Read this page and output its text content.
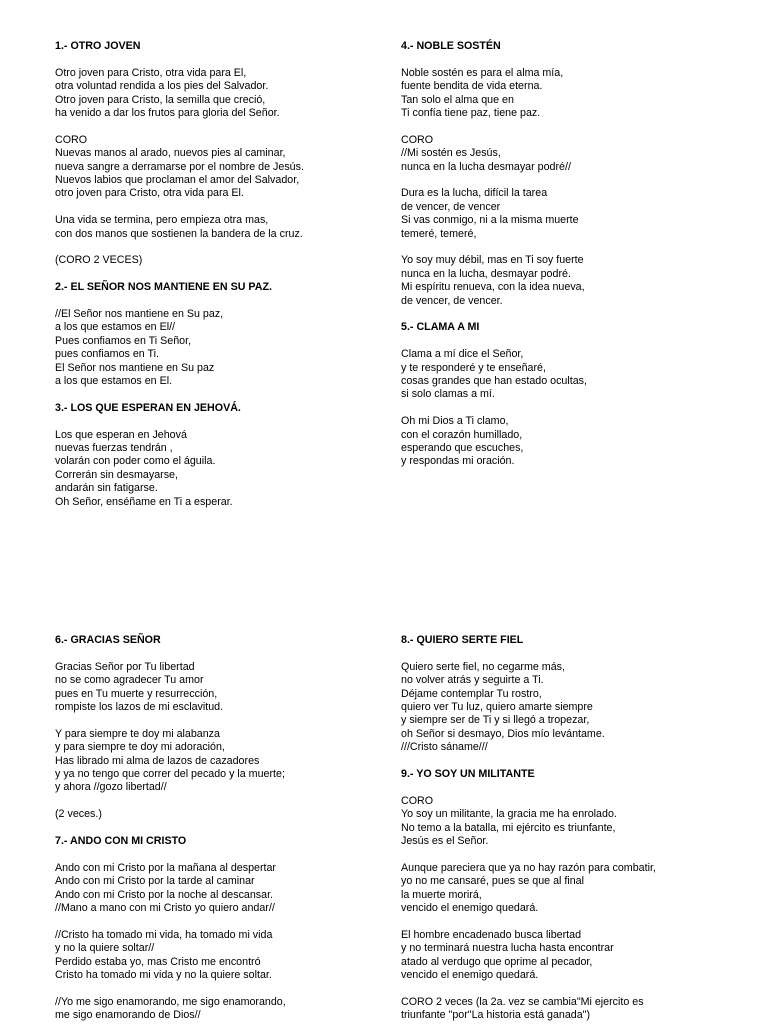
1.- OTRO JOVEN
Otro joven para Cristo, otra vida para El,
otra voluntad rendida a los pies del Salvador.
Otro joven para Cristo, la semilla que creció,
ha venido a dar los frutos para gloria del Señor.
CORO
Nuevas manos al arado, nuevos pies al caminar,
nueva sangre a derramarse por el nombre de Jesús.
Nuevos labios que proclaman el amor del Salvador,
otro joven para Cristo, otra vida para El.
Una vida se termina, pero empieza otra mas,
con dos manos que sostienen la bandera de la cruz.
(CORO 2 VECES)
2.- EL SEÑOR NOS MANTIENE EN SU PAZ.
//El Señor nos mantiene en Su paz,
a los que estamos en El//
Pues confiamos en Ti Señor,
pues confiamos en Ti.
El Señor nos mantiene en Su paz
a los que estamos en El.
3.- LOS QUE ESPERAN EN JEHOVÁ.
Los que esperan en Jehová
nuevas fuerzas tendrán ,
volarán con poder como el águila.
Correrán sin desmayarse,
andarán sin fatigarse.
Oh Señor, enséñame en Ti a esperar.
4.- NOBLE SOSTÉN
Noble sostén es para el alma mía,
fuente bendita de vida eterna.
Tan solo el alma que en
Ti confía tiene paz, tiene paz.
CORO
//Mi sostén es Jesús,
nunca en la lucha desmayar podré//
Dura es la lucha, difícil la tarea
de vencer, de vencer
Si vas conmigo, ni a la misma muerte
temeré, temeré,
Yo soy muy débil, mas en Ti soy fuerte
nunca en la lucha, desmayar podré.
Mi espíritu renueva, con la idea nueva,
de vencer, de vencer.
5.- CLAMA A MI
Clama a mí dice el Señor,
y te responderé y te enseñaré,
cosas grandes que han estado ocultas,
si solo clamas a mí.
Oh mi Dios a Ti clamo,
con el corazón humillado,
esperando que escuches,
y respondas mi oración.
6.- GRACIAS SEÑOR
Gracias Señor por Tu libertad
no se como agradecer Tu amor
pues en Tu muerte y resurrección,
rompiste los lazos de mi esclavitud.
Y para siempre te doy mi alabanza
y para siempre te doy mi adoración,
Has librado mi alma de lazos de cazadores
y ya no tengo que correr del pecado y la muerte;
y ahora //gozo libertad//
(2 veces.)
7.- ANDO CON MI CRISTO
Ando con mi Cristo por la mañana al despertar
Ando con mi Cristo por la tarde al caminar
Ando con mi Cristo por la noche al descansar.
//Mano a mano con mi Cristo yo quiero andar//
//Cristo ha tomado mi vida, ha tomado mi vida
y no la quiere soltar//
Perdido estaba yo, mas Cristo me encontró
Cristo ha tomado mi vida y no la quiere soltar.
//Yo me sigo enamorando, me sigo enamorando,
me sigo enamorando de Dios//
8.- QUIERO SERTE FIEL
Quiero serte fiel, no cegarme más,
no volver atrás y seguirte a Ti.
Déjame contemplar Tu rostro,
quiero ver Tu luz, quiero amarte siempre
y siempre ser de Ti y si llegó a tropezar,
oh Señor si desmayo, Dios mío levántame.
///Cristo sáname///
9.- YO SOY UN MILITANTE
CORO
Yo soy un militante, la gracia me ha enrolado.
No temo a la batalla, mi ejército es triunfante,
Jesús es el Señor.
Aunque pareciera que ya no hay razón para combatir,
yo no me cansaré, pues se que al final
la muerte morirá,
vencido el enemigo quedará.
El hombre encadenado busca libertad
y no terminará nuestra lucha hasta encontrar
atado al verdugo que oprime al pecador,
vencido el enemigo quedará.
CORO 2 veces (la 2a. vez se cambia"Mi ejercito es
triunfante "por"La historia está ganada")
